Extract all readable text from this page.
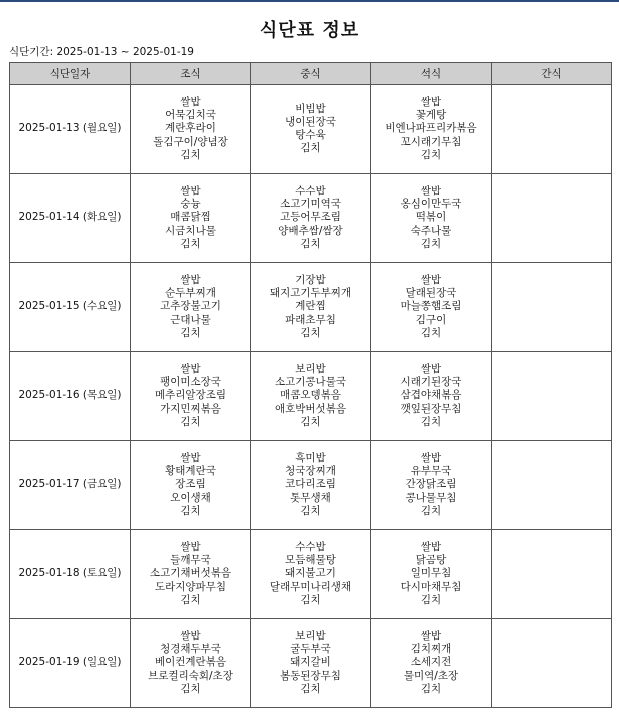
식단표 정보
식단기간: 2025-01-13 ~ 2025-01-19
식단일자	조식	중식	석식	간식
2025-01-13 (월요일)	쌀밥
어묵김치국
계란후라이
돌김구이/양념장
김치	비빔밥
냉이된장국
탕수육
김치	쌀밥
꽃게탕
비엔나파프리카볶음
꼬시래기무침
김치	

2025-01-14 (화요일)	쌀밥
숭늉
매콤닭찜
시금치나물
김치	수수밥
소고기미역국
고등어무조림
양배추쌈/쌈장
김치	쌀밥
옹심이만두국
떡볶이
숙주나물
김치	

2025-01-15 (수요일)	쌀밥
순두부찌개
고추장불고기
근대나물
김치	기장밥
돼지고기두부찌개
계란찜
파래초무침
김치	쌀밥
달래된장국
마늘쫑햄조림
김구이
김치	

2025-01-16 (목요일)	쌀밥
팽이미소장국
메추리알장조림
가지민찌볶음
김치	보리밥
소고기콩나물국
매콤오뎅볶음
애호박버섯볶음
김치	쌀밥
시래기된장국
삼겹야채볶음
깻잎된장무침
김치	

2025-01-17 (금요일)	쌀밥
황태계란국
장조림
오이생채
김치	흑미밥
청국장찌개
코다리조림
톳무생채
김치	쌀밥
유부무국
간장닭조림
콩나물무침
김치	

2025-01-18 (토요일)	쌀밥
들깨무국
소고기채버섯볶음
도라지양파무침
김치	수수밥
모듬해물탕
돼지불고기
달래무미나리생채
김치	쌀밥
닭곰탕
일미무침
다시마채무침
김치	

2025-01-19 (일요일)	쌀밥
청경채두부국
베이컨계란볶음
브로컬리숙회/초장
김치	보리밥
굴두부국
돼지갈비
봄동된장무침
김치	쌀밥
김치찌개
소세지전
물미역/초장
김치	
